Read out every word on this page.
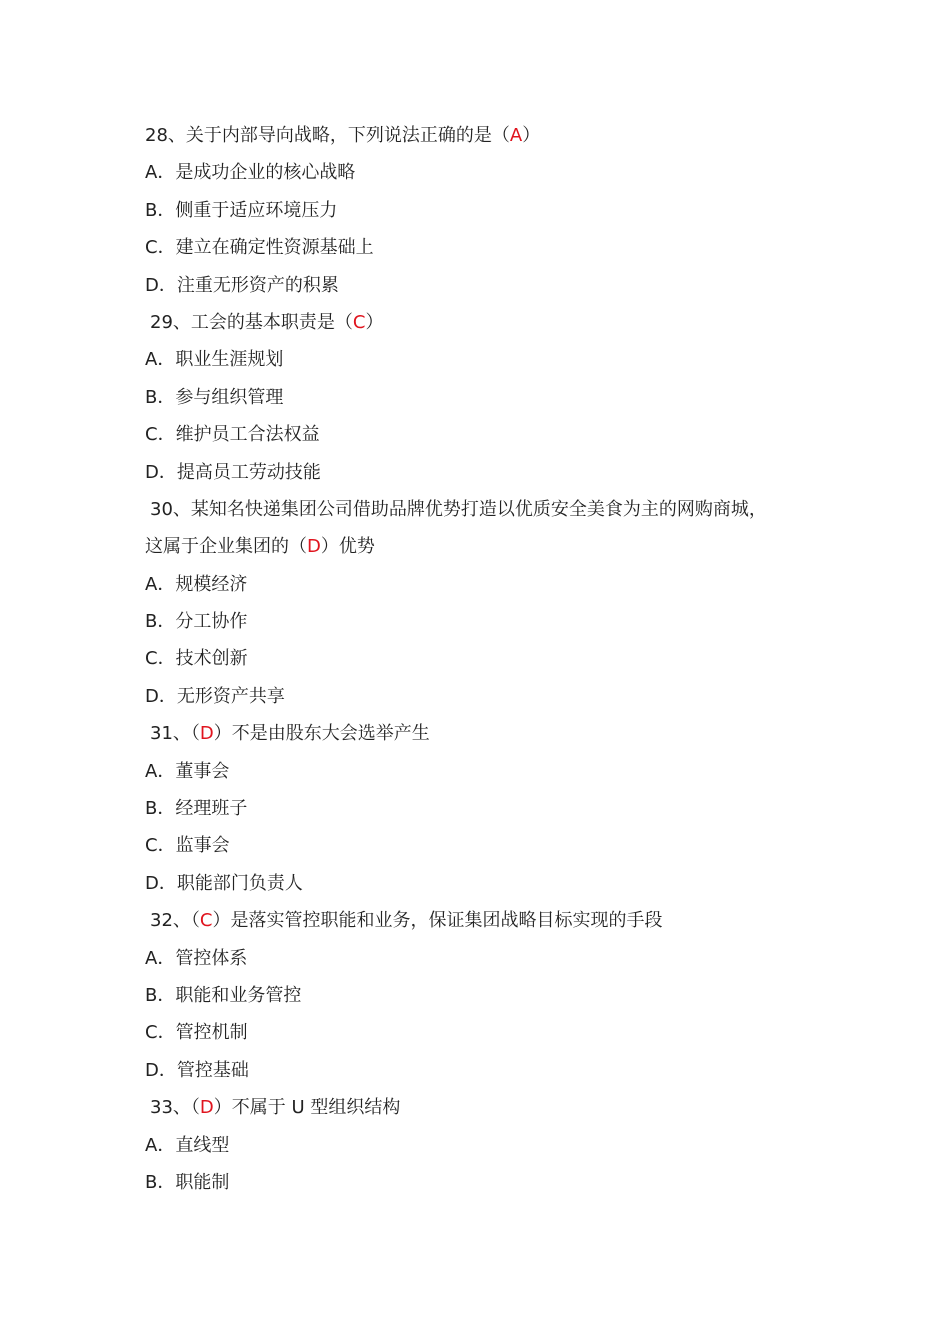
28、关于内部导向战略，下列说法正确的是（A）
A．是成功企业的核心战略
B．侧重于适应环境压力
C．建立在确定性资源基础上
D．注重无形资产的积累
29、工会的基本职责是（C）
A．职业生涯规划
B．参与组织管理
C．维护员工合法权益
D．提高员工劳动技能
30、某知名快递集团公司借助品牌优势打造以优质安全美食为主的网购商城，
这属于企业集团的（D）优势
A．规模经济
B．分工协作
C．技术创新
D．无形资产共享
31、（D）不是由股东大会选举产生
A．董事会
B．经理班子
C．监事会
D．职能部门负责人
32、（C）是落实管控职能和业务，保证集团战略目标实现的手段
A．管控体系
B．职能和业务管控
C．管控机制
D．管控基础
33、（D）不属于 U 型组织结构
A．直线型
B．职能制
